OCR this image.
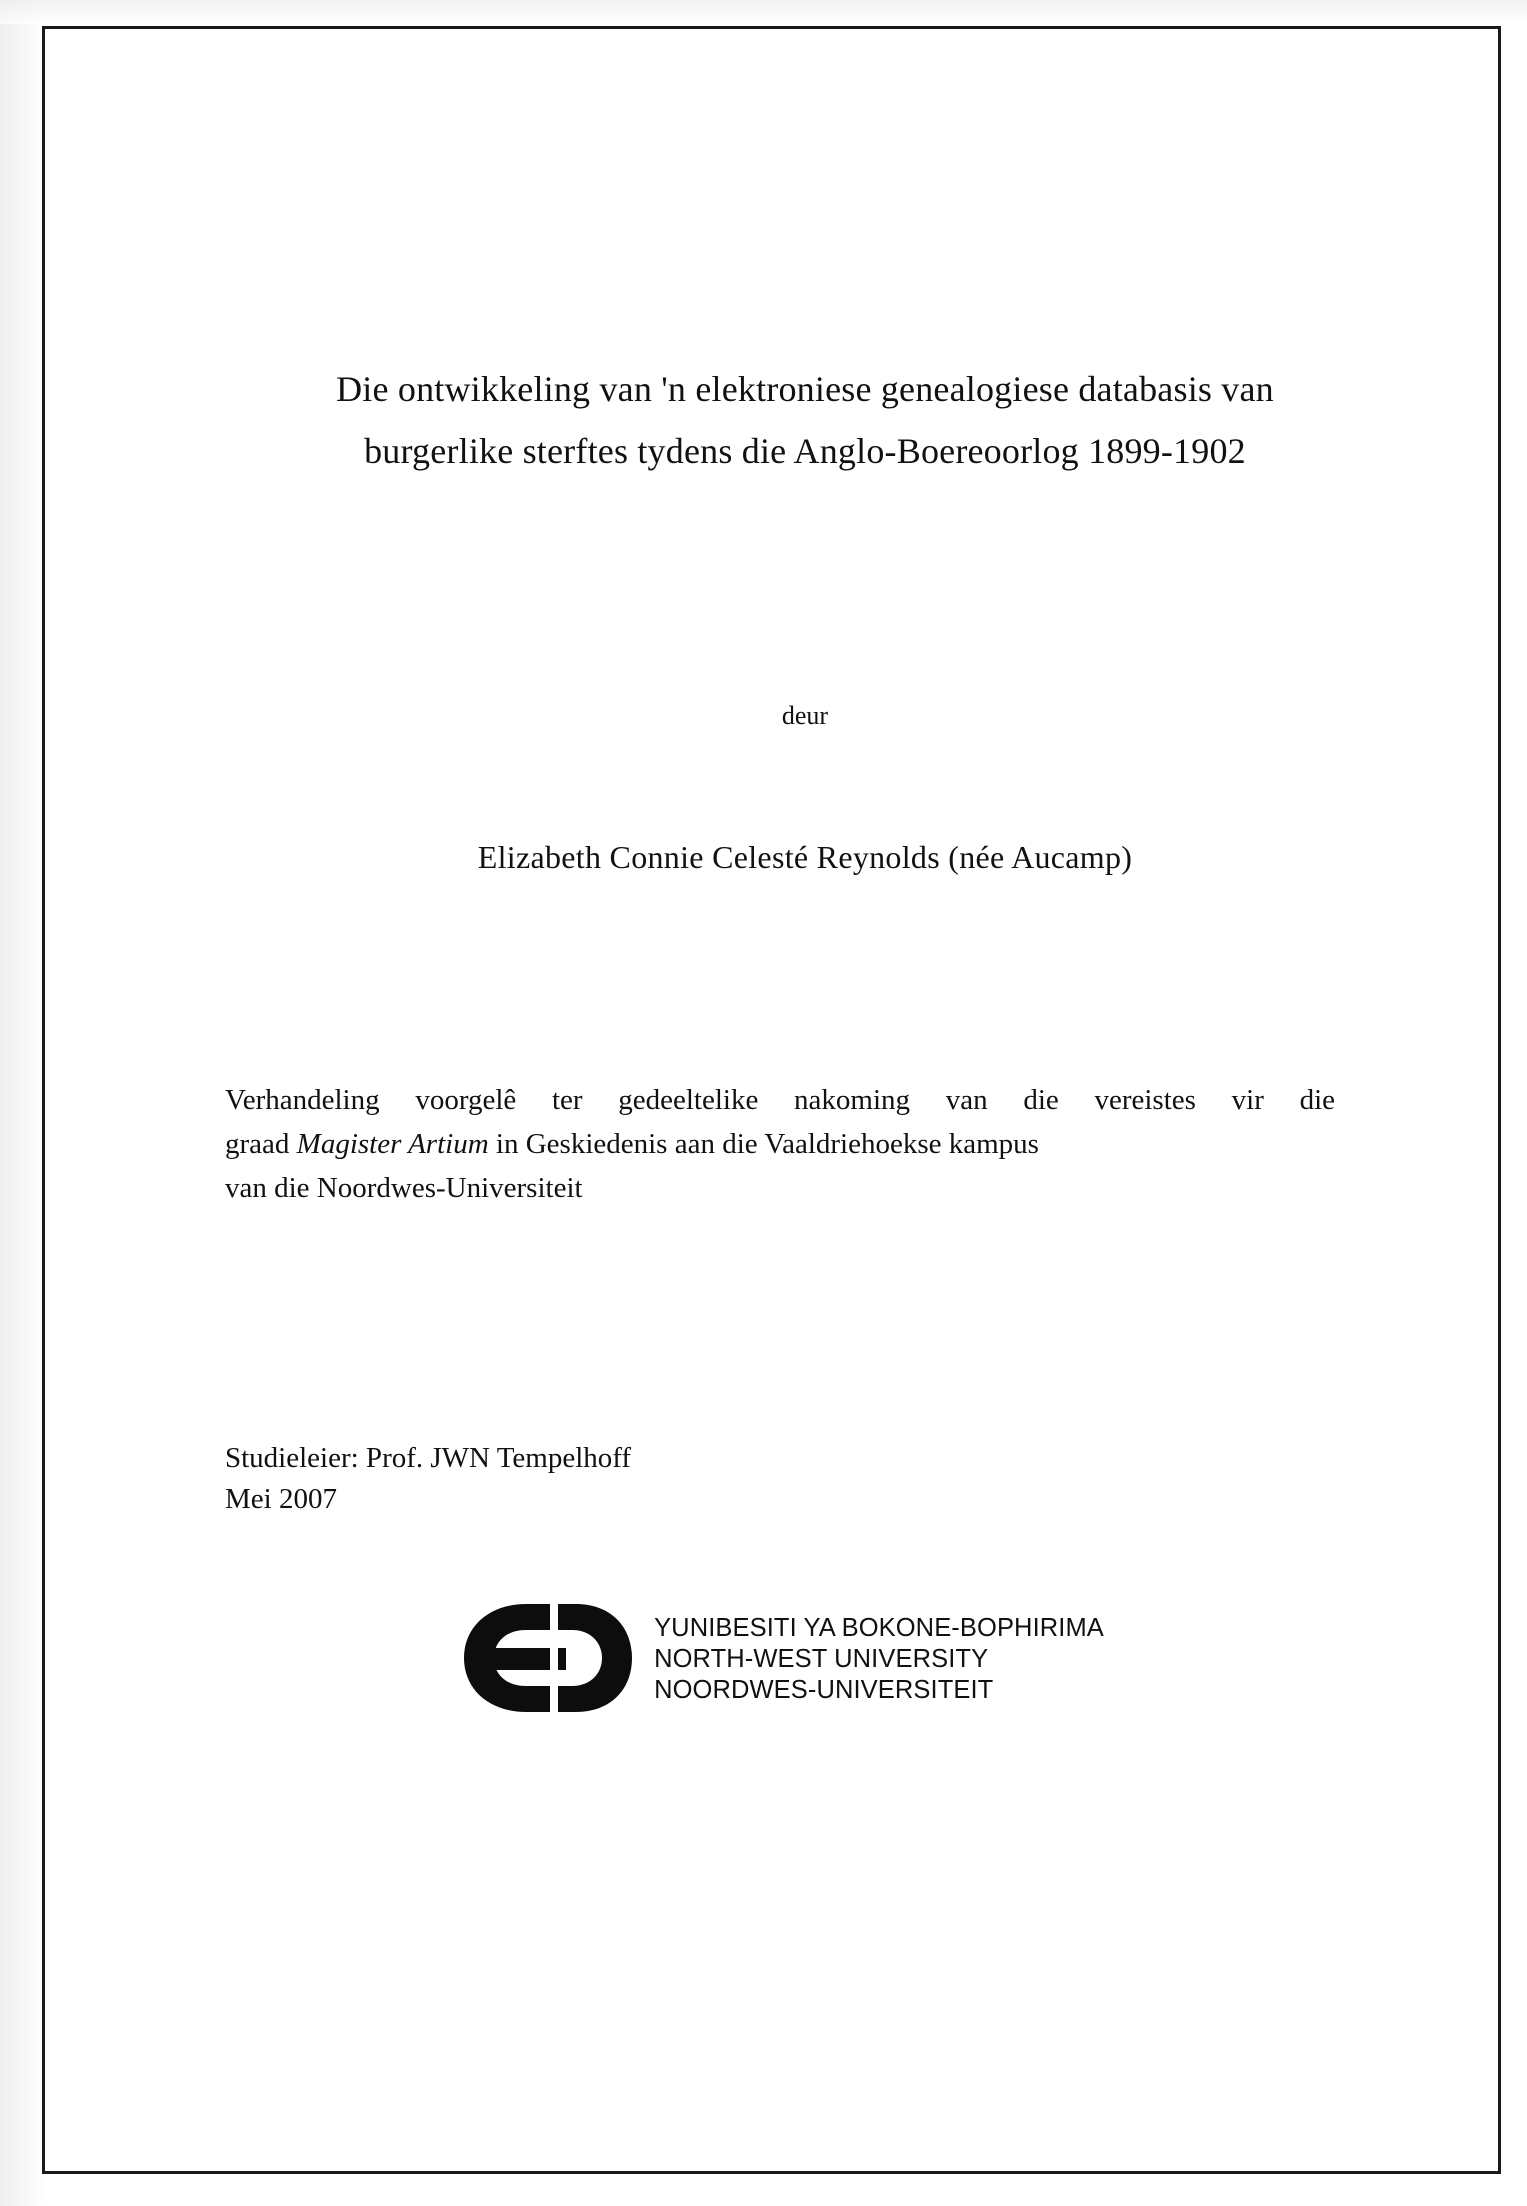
Die ontwikkeling van 'n elektroniese genealogiese databasis van
burgerlike sterftes tydens die Anglo-Boereoorlog 1899-1902

deur

Elizabeth Connie Celesté Reynolds (née Aucamp)

Verhandeling voorgelê ter gedeeltelike nakoming van die vereistes vir die
graad Magister Artium in Geskiedenis aan die Vaaldriehoekse kampus
van die Noordwes-Universiteit

Studieleier: Prof. JWN Tempelhoff
Mei 2007

YUNIBESITI YA BOKONE-BOPHIRIMA
NORTH-WEST UNIVERSITY
NOORDWES-UNIVERSITEIT
